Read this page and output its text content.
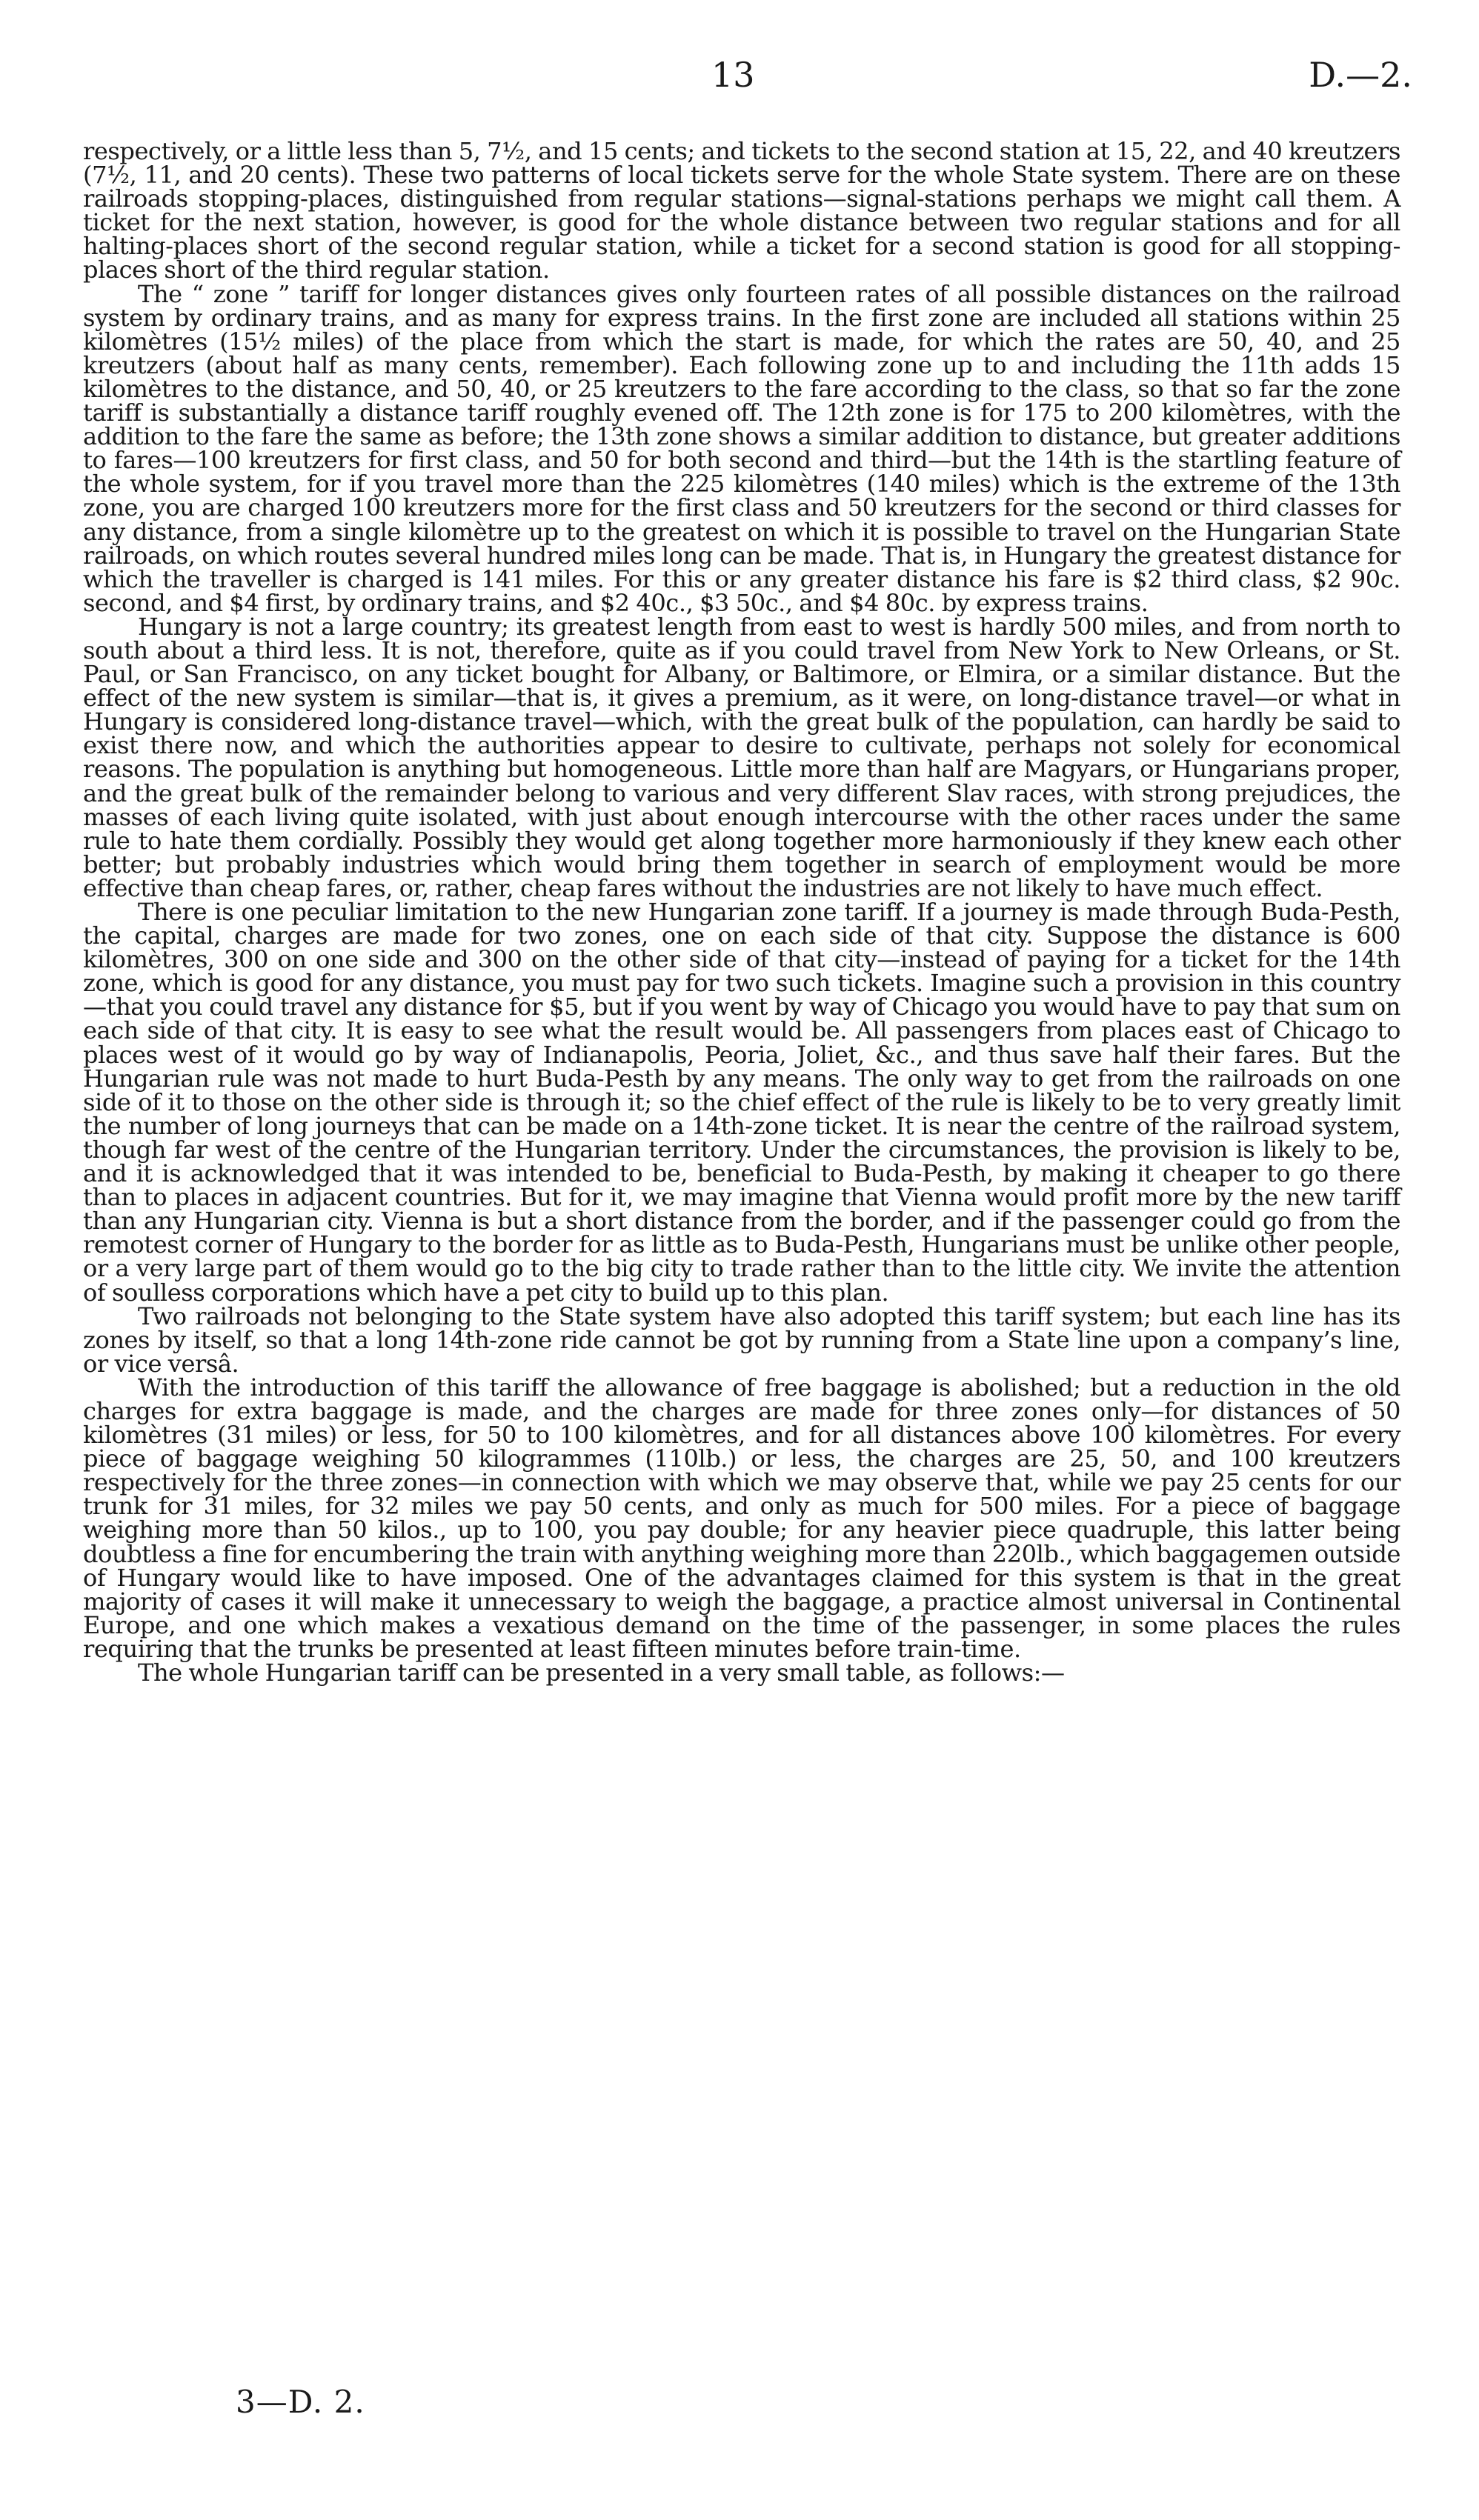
13	D.—2.

respectively, or a little less than 5, 7½, and 15 cents; and tickets to the second station at 15, 22, and 40 kreutzers (7½, 11, and 20 cents). These two patterns of local tickets serve for the whole State system. There are on these railroads stopping-places, distinguished from regular stations—signal-stations perhaps we might call them. A ticket for the next station, however, is good for the whole distance between two regular stations and for all halting-places short of the second regular station, while a ticket for a second station is good for all stopping-places short of the third regular station.

The “ zone ” tariff for longer distances gives only fourteen rates of all possible distances on the railroad system by ordinary trains, and as many for express trains. In the first zone are included all stations within 25 kilomètres (15½ miles) of the place from which the start is made, for which the rates are 50, 40, and 25 kreutzers (about half as many cents, remember). Each following zone up to and including the 11th adds 15 kilomètres to the distance, and 50, 40, or 25 kreutzers to the fare according to the class, so that so far the zone tariff is substantially a distance tariff roughly evened off. The 12th zone is for 175 to 200 kilomètres, with the addition to the fare the same as before; the 13th zone shows a similar addition to distance, but greater additions to fares—100 kreutzers for first class, and 50 for both second and third—but the 14th is the startling feature of the whole system, for if you travel more than the 225 kilomètres (140 miles) which is the extreme of the 13th zone, you are charged 100 kreutzers more for the first class and 50 kreutzers for the second or third classes for any distance, from a single kilomètre up to the greatest on which it is possible to travel on the Hungarian State railroads, on which routes several hundred miles long can be made. That is, in Hungary the greatest distance for which the traveller is charged is 141 miles. For this or any greater distance his fare is $2 third class, $2 90c. second, and $4 first, by ordinary trains, and $2 40c., $3 50c., and $4 80c. by express trains.

Hungary is not a large country; its greatest length from east to west is hardly 500 miles, and from north to south about a third less. It is not, therefore, quite as if you could travel from New York to New Orleans, or St. Paul, or San Francisco, on any ticket bought for Albany, or Baltimore, or Elmira, or a similar distance. But the effect of the new system is similar—that is, it gives a premium, as it were, on long-distance travel—or what in Hungary is considered long-distance travel—which, with the great bulk of the population, can hardly be said to exist there now, and which the authorities appear to desire to cultivate, perhaps not solely for economical reasons. The population is anything but homogeneous. Little more than half are Magyars, or Hungarians proper, and the great bulk of the remainder belong to various and very different Slav races, with strong prejudices, the masses of each living quite isolated, with just about enough intercourse with the other races under the same rule to hate them cordially. Possibly they would get along together more harmoniously if they knew each other better; but probably industries which would bring them together in search of employment would be more effective than cheap fares, or, rather, cheap fares without the industries are not likely to have much effect.

There is one peculiar limitation to the new Hungarian zone tariff. If a journey is made through Buda-Pesth, the capital, charges are made for two zones, one on each side of that city. Suppose the distance is 600 kilomètres, 300 on one side and 300 on the other side of that city—instead of paying for a ticket for the 14th zone, which is good for any distance, you must pay for two such tickets. Imagine such a provision in this country—that you could travel any distance for $5, but if you went by way of Chicago you would have to pay that sum on each side of that city. It is easy to see what the result would be. All passengers from places east of Chicago to places west of it would go by way of Indianapolis, Peoria, Joliet, &c., and thus save half their fares. But the Hungarian rule was not made to hurt Buda-Pesth by any means. The only way to get from the railroads on one side of it to those on the other side is through it; so the chief effect of the rule is likely to be to very greatly limit the number of long journeys that can be made on a 14th-zone ticket. It is near the centre of the railroad system, though far west of the centre of the Hungarian territory. Under the circumstances, the provision is likely to be, and it is acknowledged that it was intended to be, beneficial to Buda-Pesth, by making it cheaper to go there than to places in adjacent countries. But for it, we may imagine that Vienna would profit more by the new tariff than any Hungarian city. Vienna is but a short distance from the border, and if the passenger could go from the remotest corner of Hungary to the border for as little as to Buda-Pesth, Hungarians must be unlike other people, or a very large part of them would go to the big city to trade rather than to the little city. We invite the attention of soulless corporations which have a pet city to build up to this plan.

Two railroads not belonging to the State system have also adopted this tariff system; but each line has its zones by itself, so that a long 14th-zone ride cannot be got by running from a State line upon a company’s line, or vice versâ.

With the introduction of this tariff the allowance of free baggage is abolished; but a reduction in the old charges for extra baggage is made, and the charges are made for three zones only—for distances of 50 kilomètres (31 miles) or less, for 50 to 100 kilomètres, and for all distances above 100 kilomètres. For every piece of baggage weighing 50 kilogrammes (110lb.) or less, the charges are 25, 50, and 100 kreutzers respectively for the three zones—in connection with which we may observe that, while we pay 25 cents for our trunk for 31 miles, for 32 miles we pay 50 cents, and only as much for 500 miles. For a piece of baggage weighing more than 50 kilos., up to 100, you pay double; for any heavier piece quadruple, this latter being doubtless a fine for encumbering the train with anything weighing more than 220lb., which baggagemen outside of Hungary would like to have imposed. One of the advantages claimed for this system is that in the great majority of cases it will make it unnecessary to weigh the baggage, a practice almost universal in Continental Europe, and one which makes a vexatious demand on the time of the passenger, in some places the rules requiring that the trunks be presented at least fifteen minutes before train-time.

The whole Hungarian tariff can be presented in a very small table, as follows:—

3—D. 2.
